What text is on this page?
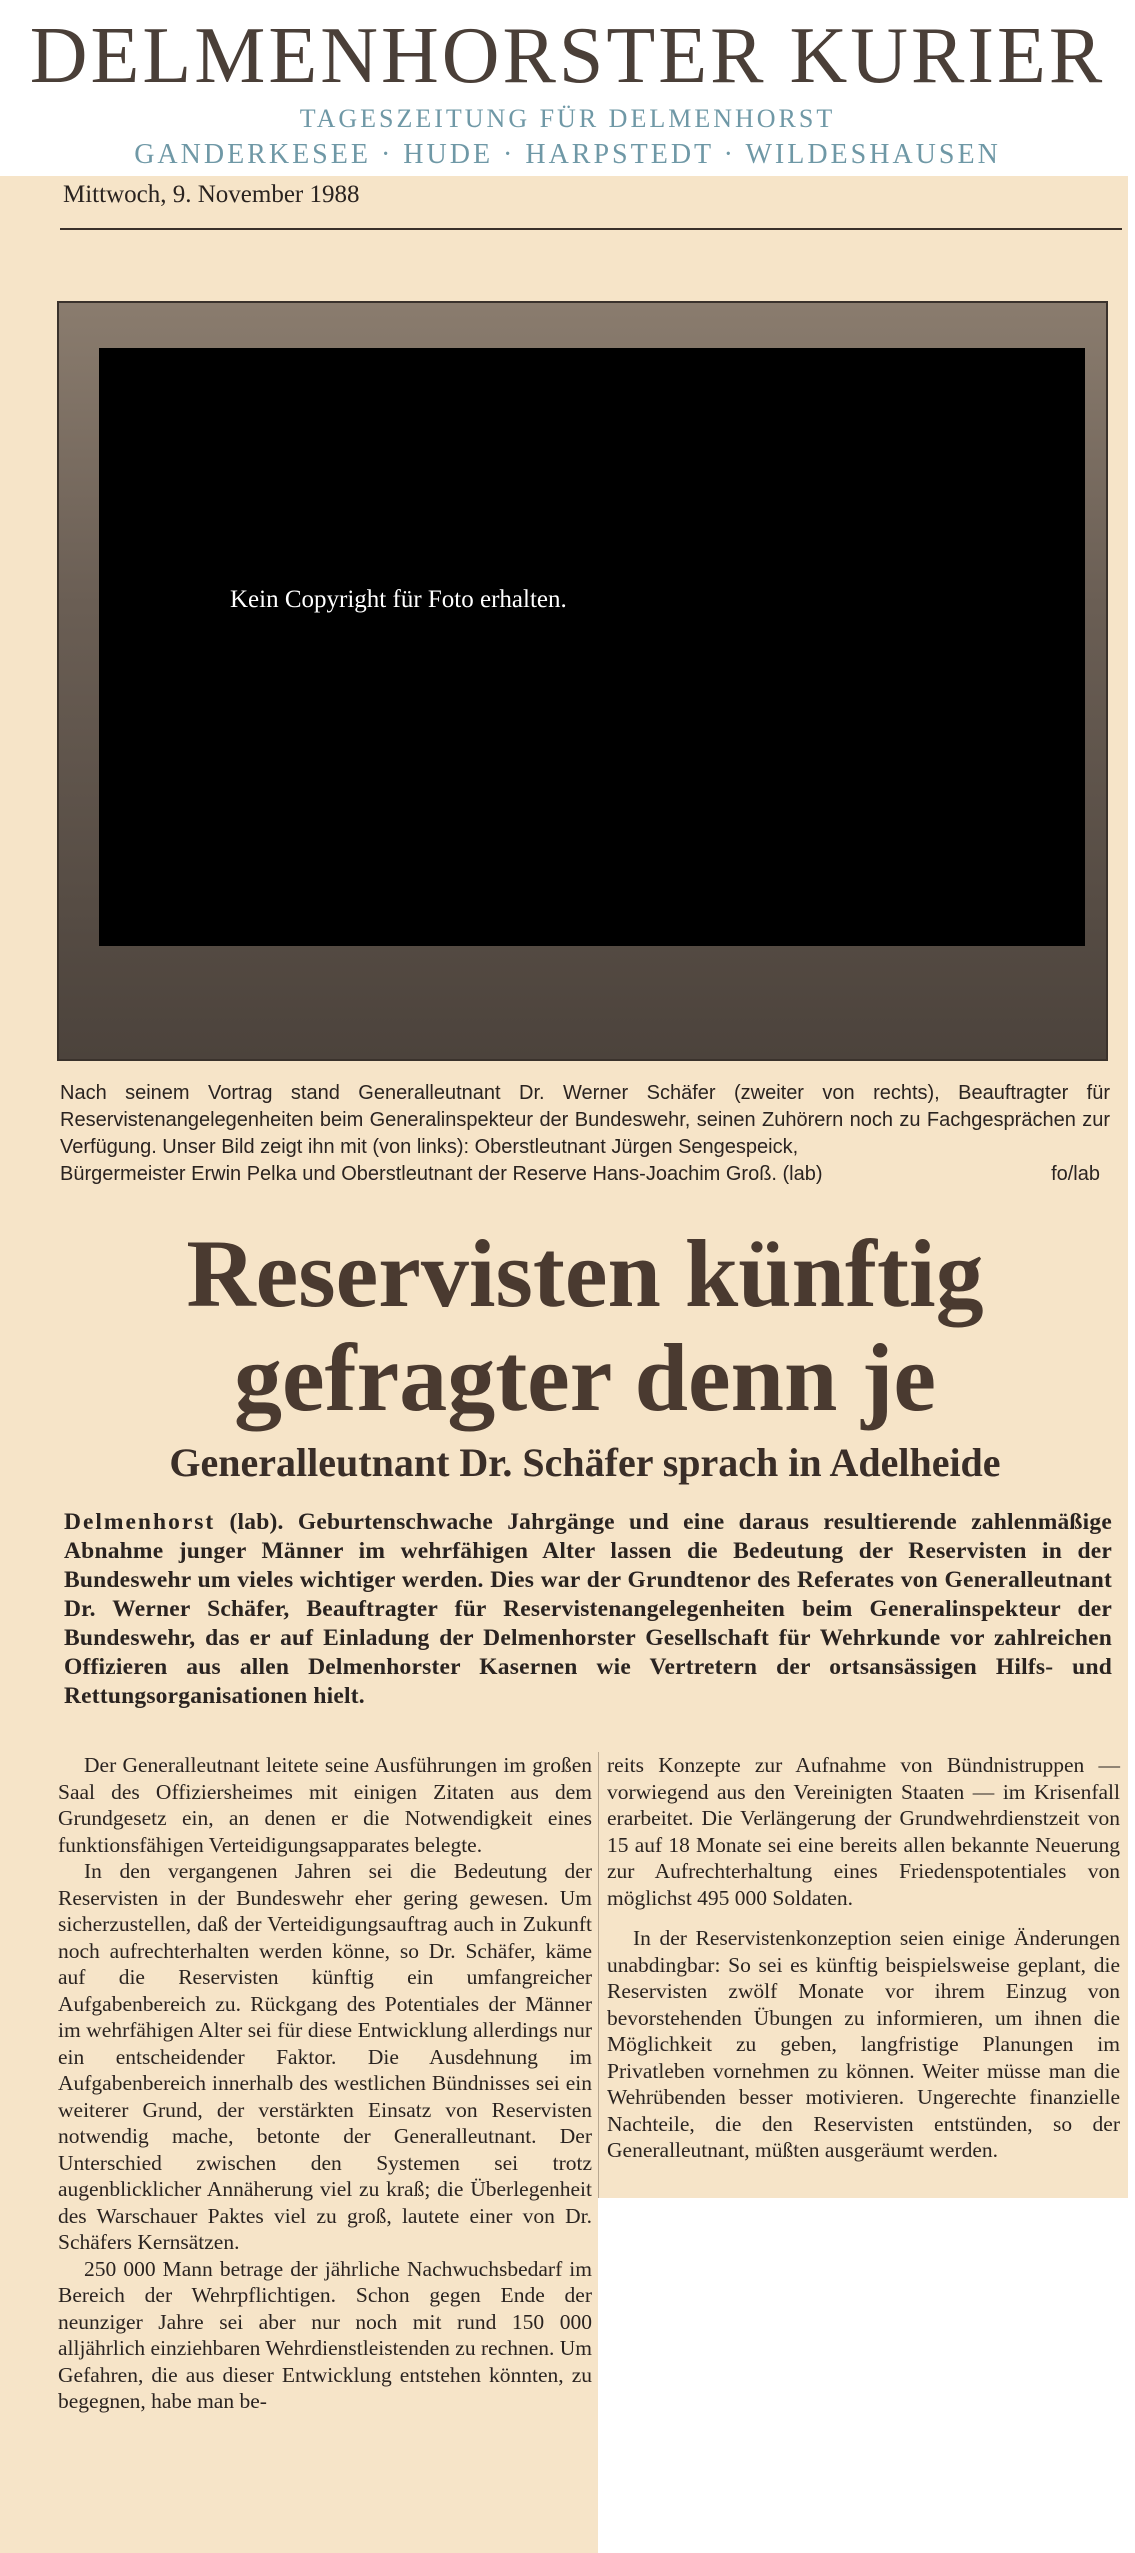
DELMENHORSTER KURIER
TAGESZEITUNG FÜR DELMENHORST
GANDERKESEE · HUDE · HARPSTEDT · WILDESHAUSEN
Mittwoch, 9. November 1988
Kein Copyright für Foto erhalten.
Nach seinem Vortrag stand Generalleutnant Dr. Werner Schäfer (zweiter von rechts), Beauftragter für Reservistenangelegenheiten beim Generalinspekteur der Bundeswehr, seinen Zuhörern noch zu Fachgesprächen zur Verfügung. Unser Bild zeigt ihn mit (von links): Oberstleutnant Jürgen Sengespeick,
Bürgermeister Erwin Pelka und Oberstleutnant der Reserve Hans-Joachim Groß. (lab)	fo/lab
Reservisten künftig
gefragter denn je
Generalleutnant Dr. Schäfer sprach in Adelheide
Delmenhorst (lab). Geburtenschwache Jahrgänge und eine daraus resultierende zahlenmäßige Abnahme junger Männer im wehrfähigen Alter lassen die Bedeutung der Reservisten in der Bundeswehr um vieles wichtiger werden. Dies war der Grundtenor des Referates von Generalleutnant Dr. Werner Schäfer, Beauftragter für Reservistenangelegenheiten beim Generalinspekteur der Bundeswehr, das er auf Einladung der Delmenhorster Gesellschaft für Wehrkunde vor zahlreichen Offizieren aus allen Delmenhorster Kasernen wie Vertretern der ortsansässigen Hilfs- und Rettungsorganisationen hielt.

Der Generalleutnant leitete seine Ausführungen im großen Saal des Offiziersheimes mit einigen Zitaten aus dem Grundgesetz ein, an denen er die Notwendigkeit eines funktionsfähigen Verteidigungsapparates belegte.

In den vergangenen Jahren sei die Bedeutung der Reservisten in der Bundeswehr eher gering gewesen. Um sicherzustellen, daß der Verteidigungsauftrag auch in Zukunft noch aufrechterhalten werden könne, so Dr. Schäfer, käme auf die Reservisten künftig ein umfangreicher Aufgabenbereich zu. Rückgang des Potentiales der Männer im wehrfähigen Alter sei für diese Entwicklung allerdings nur ein entscheidender Faktor. Die Ausdehnung im Aufgabenbereich innerhalb des westlichen Bündnisses sei ein weiterer Grund, der verstärkten Einsatz von Reservisten notwendig mache, betonte der Generalleutnant. Der Unterschied zwischen den Systemen sei trotz augenblicklicher Annäherung viel zu kraß; die Überlegenheit des Warschauer Paktes viel zu groß, lautete einer von Dr. Schäfers Kernsätzen.

250 000 Mann betrage der jährliche Nachwuchsbedarf im Bereich der Wehrpflichtigen. Schon gegen Ende der neunziger Jahre sei aber nur noch mit rund 150 000 alljährlich einziehbaren Wehrdienstleistenden zu rechnen. Um Gefahren, die aus dieser Entwicklung entstehen könnten, zu begegnen, habe man be-

reits Konzepte zur Aufnahme von Bündnistruppen — vorwiegend aus den Vereinigten Staaten — im Krisenfall erarbeitet. Die Verlängerung der Grundwehrdienstzeit von 15 auf 18 Monate sei eine bereits allen bekannte Neuerung zur Aufrechterhaltung eines Friedenspotentiales von möglichst 495 000 Soldaten.

In der Reservistenkonzeption seien einige Änderungen unabdingbar: So sei es künftig beispielsweise geplant, die Reservisten zwölf Monate vor ihrem Einzug von bevorstehenden Übungen zu informieren, um ihnen die Möglichkeit zu geben, langfristige Planungen im Privatleben vornehmen zu können. Weiter müsse man die Wehrübenden besser motivieren. Ungerechte finanzielle Nachteile, die den Reservisten entstünden, so der Generalleutnant, müßten ausgeräumt werden.
